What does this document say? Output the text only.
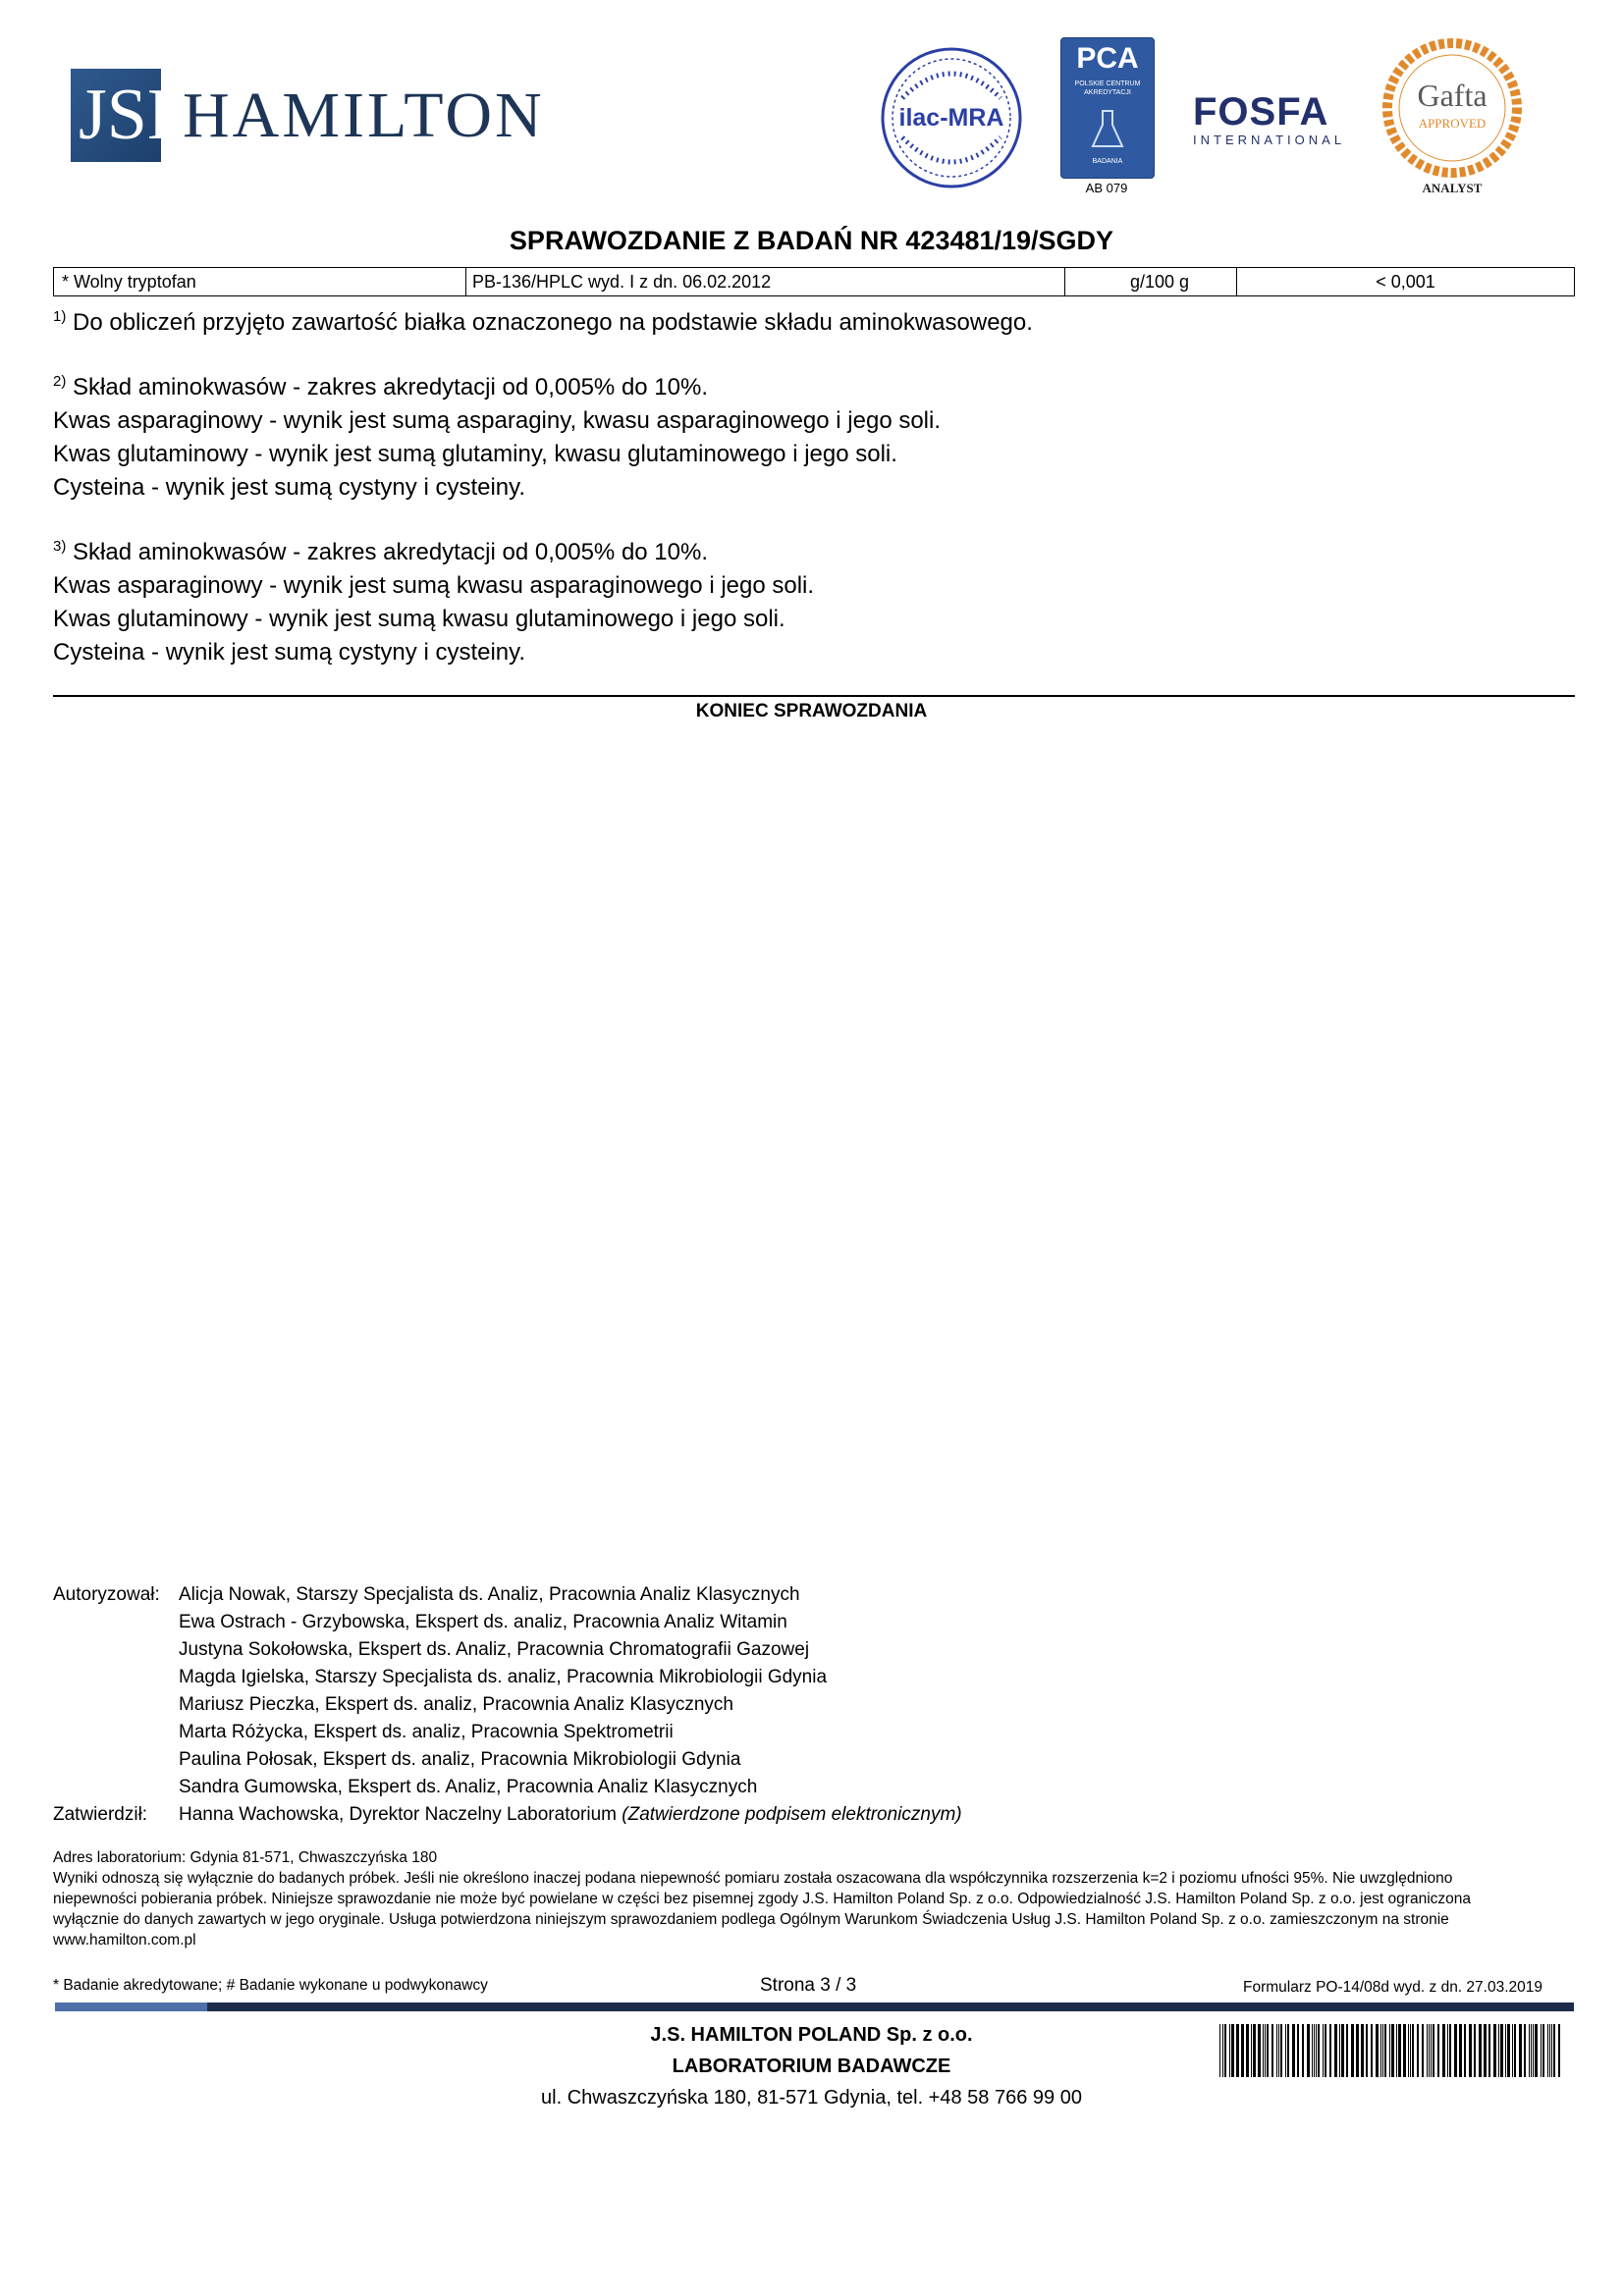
JSH
HAMILTON	ilac-MRA
PCA
POLSKIE CENTRUM AKREDYTACJI
BADANIA
AB 079
FOSFA
INTERNATIONAL
Gafta
APPROVED
ANALYST
SPRAWOZDANIE Z BADAŃ NR 423481/19/SGDY
* Wolny tryptofan	PB-136/HPLC wyd. I z dn. 06.02.2012	g/100 g	< 0,001
$^{1)}$ Do obliczeń przyjęto zawartość białka oznaczonego na podstawie składu aminokwasowego.
$^{2)}$ Skład aminokwasów - zakres akredytacji od 0,005% do 10%.
Kwas asparaginowy - wynik jest sumą asparaginy, kwasu asparaginowego i jego soli.
Kwas glutaminowy - wynik jest sumą glutaminy, kwasu glutaminowego i jego soli.
Cysteina - wynik jest sumą cystyny i cysteiny.
$^{3)}$ Skład aminokwasów - zakres akredytacji od 0,005% do 10%.
Kwas asparaginowy - wynik jest sumą kwasu asparaginowego i jego soli.
Kwas glutaminowy - wynik jest sumą kwasu glutaminowego i jego soli.
Cysteina - wynik jest sumą cystyny i cysteiny.
KONIEC SPRAWOZDANIA
Autoryzował: Alicja Nowak, Starszy Specjalista ds. Analiz, Pracownia Analiz Klasycznych
Ewa Ostrach - Grzybowska, Ekspert ds. analiz, Pracownia Analiz Witamin
Justyna Sokołowska, Ekspert ds. Analiz, Pracownia Chromatografii Gazowej
Magda Igielska, Starszy Specjalista ds. analiz, Pracownia Mikrobiologii Gdynia
Mariusz Pieczka, Ekspert ds. analiz, Pracownia Analiz Klasycznych
Marta Różycka, Ekspert ds. analiz, Pracownia Spektrometrii
Paulina Połosak, Ekspert ds. analiz, Pracownia Mikrobiologii Gdynia
Sandra Gumowska, Ekspert ds. Analiz, Pracownia Analiz Klasycznych
Zatwierdził: Hanna Wachowska, Dyrektor Naczelny Laboratorium (Zatwierdzone podpisem elektronicznym)
Adres laboratorium: Gdynia 81-571, Chwaszczyńska 180
Wyniki odnoszą się wyłącznie do badanych próbek. Jeśli nie określono inaczej podana niepewność pomiaru została oszacowana dla współczynnika rozszerzenia k=2 i poziomu ufności 95%. Nie uwzględniono
niepewności pobierania próbek. Niniejsze sprawozdanie nie może być powielane w części bez pisemnej zgody J.S. Hamilton Poland Sp. z o.o. Odpowiedzialność J.S. Hamilton Poland Sp. z o.o. jest ograniczona
wyłącznie do danych zawartych w jego oryginale. Usługa potwierdzona niniejszym sprawozdaniem podlega Ogólnym Warunkom Świadczenia Usług J.S. Hamilton Poland Sp. z o.o. zamieszczonym na stronie
www.hamilton.com.pl
* Badanie akredytowane; # Badanie wykonane u podwykonawcy	Strona 3 / 3	Formularz PO-14/08d wyd. z dn. 27.03.2019
J.S. HAMILTON POLAND Sp. z o.o.
LABORATORIUM BADAWCZE
ul. Chwaszczyńska 180, 81-571 Gdynia, tel. +48 58 766 99 00
